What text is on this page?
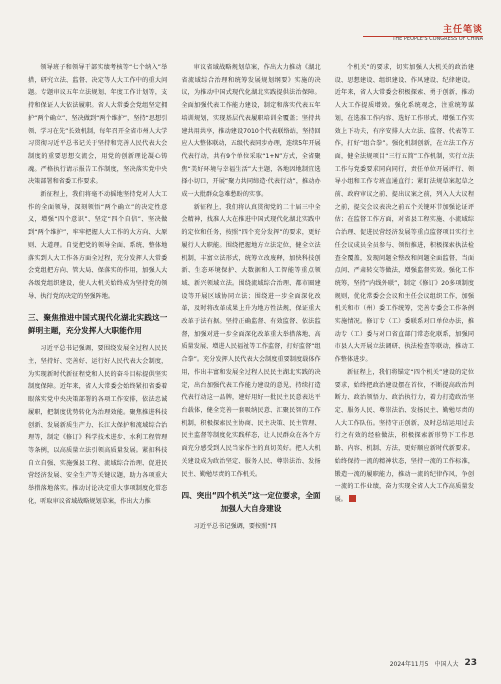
主任笔谈
THE PEOPLE'S CONGRESS OF CHINA

领导班子和领导干部实绩考核等“七个纳入”举措，研究立法、监督、决定等人大工作中的重大问题。专题审议五年立法规划、年度工作计划等，支持和保证人大依法履职。省人大常委会党组坚定拥护“两个确立”、坚决做到“两个维护”，坚持“思想引领、学习在先”长效机制，每年召开全省市州人大学习贯彻习近平总书记关于坚持和完善人民代表大会制度的重要思想交流会，用党的创新理论凝心铸魂。严格执行请示报告工作制度，坚决落实党中央决策部署和省委工作要求。

新征程上，我们将毫不动摇地坚持党对人大工作的全面领导，深刻领悟“两个确立”的决定性意义，增强“四个意识”、坚定“四个自信”、坚决做到“两个维护”，牢牢把握人大工作的大方向、大原则、大道理。自觉把党的领导全面、系统、整体地落实到人大工作各方面全过程，充分发挥人大常委会党组把方向、管大局、保落实的作用，加强人大各级党组织建设，使人大机关始终成为坚持党的领导、执行党的决定的坚强阵地。

三、聚焦推进中国式现代化湖北实践这一鲜明主题，充分发挥人大职能作用

习近平总书记强调，要围绕发展全过程人民民主，坚持好、完善好、运行好人民代表大会制度，为实现新时代新征程党和人民的奋斗目标提供坚实制度保障。近年来，省人大常委会始终紧扣省委着眼落实党中央决策部署的各项工作安排，依法忠诚履职，把制度优势转化为治理效能。聚焦推进科技创新、发展新质生产力、长江大保护和流域综合治理等，制定《修订》科学技术进步、水利工程管理等条例，以高质量立法引领高质量发展。紧扣科技自立自强、实施强县工程、流域综合治理、促进民营经济发展、安全生产等关键议题，助力各项重大举措落地落实。推动讨论决定重大事项制度化常态化，听取审议省域战略规划草案，作出大力推

审议省域战略规划草案，作出大力推动《湖北省流域综合治理和统筹发展规划纲要》实施的决议，为推动中国式现代化湖北实践提供法治保障。全面加强代表工作能力建设，制定和落实代表五年培训规划，实现基层代表履职培训全覆盖；坚持共建共用共享，推动建设7010个代表联络站，坚持回应人大整体联动，五级代表同步办理，连续5年开展代表行动，共有9个单位采取“1+N”方式，全省聚焦“美好环境与幸福生活”大主题，各地因地制宜选择小切口，开展“聚力共同缔造·代表行动”，推动办成一大批群众急难愁盼的实事。

新征程上，我们将认真贯彻党的二十届三中全会精神，找准人大在推进中国式现代化湖北实践中的定位和任务，按照“四个充分发挥”的要求，更好履行人大职能。围绕把握地方立法定位，健全立法机制，丰富立法形式，统筹立改废释，加快科技创新、生态环境保护、大数据和人工智能等重点领域、新兴领域立法。围绕流域综合治理、都市圈建设等开展区域协同立法；围绕进一步全面深化改革，及时将改革成果上升为地方性法规，保证重大改革于法有据。坚持正确监督、有效监督、依法监督，加强对进一步全面深化改革重大举措落地、高质量发展、增进人民福祉等工作监督，打好监督“组合拳”。充分发挥人民代表大会制度重要制度载体作用，作出丰富和发展全过程人民民主湖北实践的决定，出台加强代表工作能力建设的意见，持续打造代表行动这一品牌，建好用好一批民主民意表达平台载体，健全完善一套吸纳民意、汇聚民智的工作机制，积极探索民主协商、民主决策、民主管理、民主监督等制度化实践样态，让人民群众在各个方面充分感受到人民当家作主的真切美好。把人大机关建设成为政治坚定、服务人民、尊崇法治、发扬民主、勤勉尽责的工作机关。

四、突出“四个机关”这一定位要求，全面加强人大自身建设

习近平总书记强调，要按照“四

个机关”的要求，切实加强人大机关的政治建设、思想建设、组织建设、作风建设、纪律建设。近年来，省人大常委会积极探索、勇于创新，推动人大工作提质增效。强化系统观念，注重统筹谋划，在选准工作内容、选好工作形式、增强工作实效上下功夫，有序安排人大立法、监督、代表等工作，打好“组合拳”。强化机制创新，在立法工作方面，健全法规项目“三行五简”工作机制，实行立法工作与党委要求同向同行，责任单位开展评行、领导小组和工作专班直通直行；紧盯法规草案起草之前、政府审议之前、提出议案之前，列入人大议程之前，提交会议表决之前五个关键环节加强论证评估；在监督工作方面，对省县工程实施、小流域综合治理、促进民营经济发展等重点监督项目实行主任会议成员全员参与、领衔推进，积极探索执法检查全覆盖，发现问题全整改和问题全面监督，当面点问、严肃转交等做法，增强监督实效。强化工作统筹，坚持“内线外联”，制定《修订》20多项制度规则，优化常委会会议和主任会议组织工作，加强机关和市（州）委工作统筹，完善专委会工作条例实施情况。修订专（工）委联系对口单位办法，推动专（工）委与对口省直部门常态化联系，加强同市县人大开展立法调研、执法检查等联动，推动工作整体进步。

新征程上，我们将锚定“四个机关”建设的定位要求，始终把政治建设摆在首位，不断提高政治判断力、政治领悟力、政治执行力，着力打造政治坚定、服务人民、尊崇法治、发扬民主、勤勉尽责的人大工作队伍。坚持守正创新，及时总结运用过去行之有效的经验做法，积极探索新形势下工作思路、内容、机制、方法，更好顺应新时代新要求。始终保持一流的精神状态，坚持一流的工作标准，锻造一流的履职能力，推动一流的纪律作风，争创一流的工作业绩，奋力实现全省人大工作高质量发展。

2024年11月5 中国人大 23
